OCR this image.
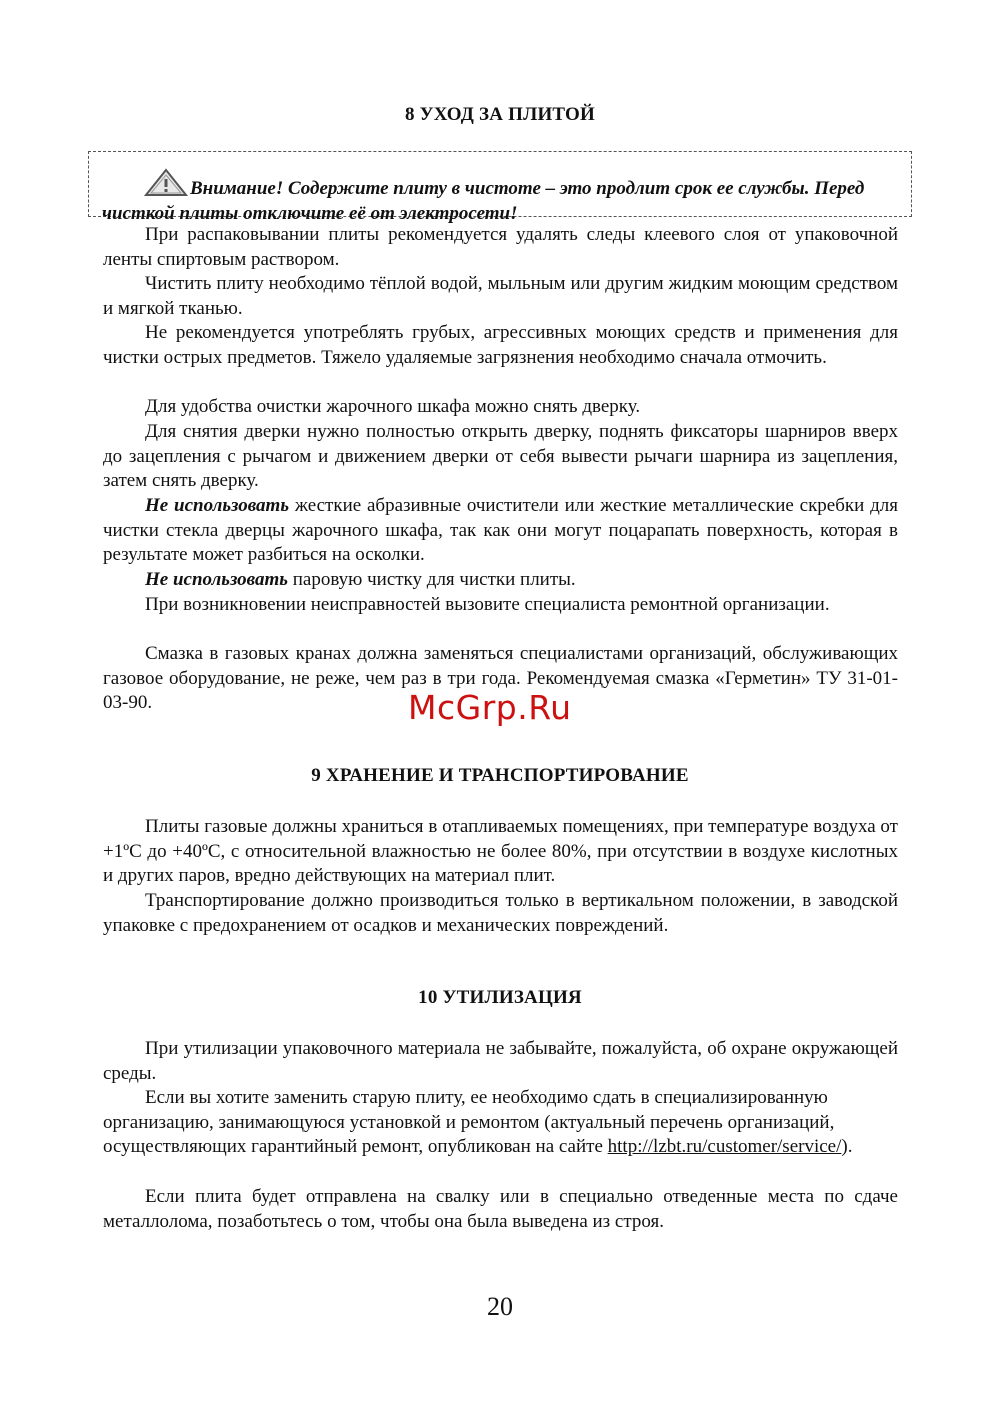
8 УХОД ЗА ПЛИТОЙ

Внимание! Содержите плиту в чистоте – это продлит срок ее службы. Перед чисткой плиты отключите её от электросети!

При распаковывании плиты рекомендуется удалять следы клеевого слоя от упаковочной ленты спиртовым раствором.

Чистить плиту необходимо тёплой водой, мыльным или другим жидким моющим средством и мягкой тканью.

Не рекомендуется употреблять грубых, агрессивных моющих средств и применения для чистки острых предметов. Тяжело удаляемые загрязнения необходимо сначала отмочить.

Для удобства очистки жарочного шкафа можно снять дверку.

Для снятия дверки нужно полностью открыть дверку, поднять фиксаторы шарниров вверх до зацепления с рычагом и движением дверки от себя вывести рычаги шарнира из зацепления, затем снять дверку.

Не использовать жесткие абразивные очистители или жесткие металлические скребки для чистки стекла дверцы жарочного шкафа, так как они могут поцарапать поверхность, которая в результате может разбиться на осколки.

Не использовать паровую чистку для чистки плиты.

При возникновении неисправностей вызовите специалиста ремонтной организации.

Смазка в газовых кранах должна заменяться специалистами организаций, обслуживающих газовое оборудование, не реже, чем раз в три года. Рекомендуемая смазка «Герметин» ТУ 31-01-03-90.	McGrp.Ru
9 ХРАНЕНИЕ И ТРАНСПОРТИРОВАНИЕ

Плиты газовые должны храниться в отапливаемых помещениях, при температуре воздуха от +1ºС до +40ºС, с относительной влажностью не более 80%, при отсутствии в воздухе кислотных и других паров, вредно действующих на материал плит.

Транспортирование должно производиться только в вертикальном положении, в заводской упаковке с предохранением от осадков и механических повреждений.

10 УТИЛИЗАЦИЯ

При утилизации упаковочного материала не забывайте, пожалуйста, об охране окружающей среды.

Если вы хотите заменить старую плиту, ее необходимо сдать в специализированную организацию, занимающуюся установкой и ремонтом (актуальный перечень организаций, осуществляющих гарантийный ремонт, опубликован на сайте http://lzbt.ru/customer/service/).

Если плита будет отправлена на свалку или в специально отведенные места по сдаче металлолома, позаботьтесь о том, чтобы она была выведена из строя.

20
